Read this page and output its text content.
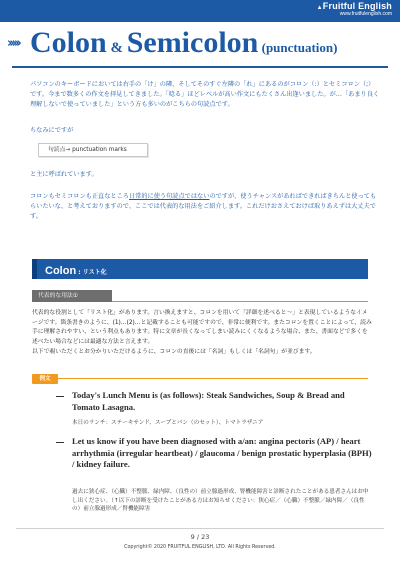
▲ Fruitful English
www.fruitfulenglish.com
››››› Colon & Semicolon (punctuation)
パソコンのキーボードにおいては右手の「け」の隣、そしてそのすぐ左隣の「れ」にあるのがコロン（:）とセミコロン（;）です。今まで数多くの作文を拝見してきました。「唸る」ほどレベルが高い作文にもたくさん出逢いました。が…「あまり良く理解しないで使っていました」という方も多いのがこちらの句読点です。
ちなみにですが
句読点→ punctuation marks
と主に呼ばれています。
コロンもセミコロンも正直なところ日常的に使う句読点ではないのですが、使うチャンスがあればできればきちんと使ってもらいたいな、と考えておりますので、ここでは代表的な用法をご紹介します。これだけおさえておけば取りあえずは大丈夫です。
Colon : リスト化
代表的な用法①
代表的な役割として「リスト化」があります。言い換えますと、コロンを用いて「詳細を述べると～」と表現しているようなイメージです。箇条書きのように、(1)…(2)…と記載することも可能ですので、非常に便利です。またコロンを置くことによって、読み手に理解されやすい、という利点もあります。特に文章が長くなってしまい読みにくくなるような場合、また、書面などで多くを述べたい場合などには最適な方法と言えます。
以下で覗いただくとお分かりいただけるように、コロンの直後には「名詞」もしくは「名詞句」が並びます。
例文
Today's Lunch Menu is (as follows): Steak Sandwiches, Soup & Bread and Tomato Lasagna.
本日のランチ：ステーキサンド、スープとパン（のセット）、トマトラザニア
Let us know if you have been diagnosed with a/an: angina pectoris (AP) / heart arrhythmia (irregular heartbeat) / glaucoma / benign prostatic hyperplasia (BPH) / kidney failure.
過去に狭心症、（心臓）不整脈、緑内障、（良性の）前立腺過形成、腎機能障害と診断されたことがある患者さんはお申し出ください。（↑以下の診断を受けたことがある方はお知らせください：狭心症／（心臓）不整脈／緑内障／（良性の）前立腺過形成／腎機能障害
9 / 23
Copyright© 2020 FRUITFUL ENGLISH, LTD. All Rights Reserved.
